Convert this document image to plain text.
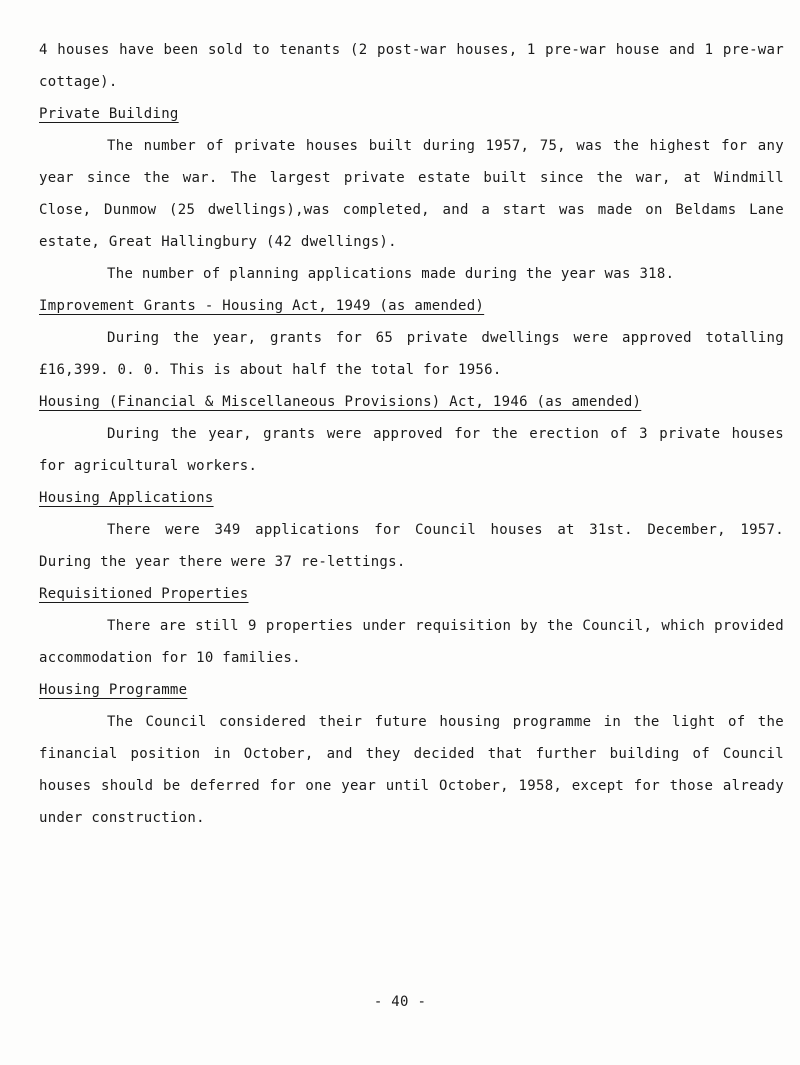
4 houses have been sold to tenants (2 post-war houses, 1 pre-war house and 1 pre-war cottage).

Private Building

The number of private houses built during 1957, 75, was the highest for any year since the war. The largest private estate built since the war, at Windmill Close, Dunmow (25 dwellings),was completed, and a start was made on Beldams Lane estate, Great Hallingbury (42 dwellings).

The number of planning applications made during the year was 318.

Improvement Grants - Housing Act, 1949 (as amended)

During the year, grants for 65 private dwellings were approved totalling £16,399. 0. 0. This is about half the total for 1956.

Housing (Financial & Miscellaneous Provisions) Act, 1946 (as amended)

During the year, grants were approved for the erection of 3 private houses for agricultural workers.

Housing Applications

There were 349 applications for Council houses at 31st. December, 1957. During the year there were 37 re-lettings.

Requisitioned Properties

There are still 9 properties under requisition by the Council, which provided accommodation for 10 families.

Housing Programme

The Council considered their future housing programme in the light of the financial position in October, and they decided that further building of Council houses should be deferred for one year until October, 1958, except for those already under construction.

- 40 -
